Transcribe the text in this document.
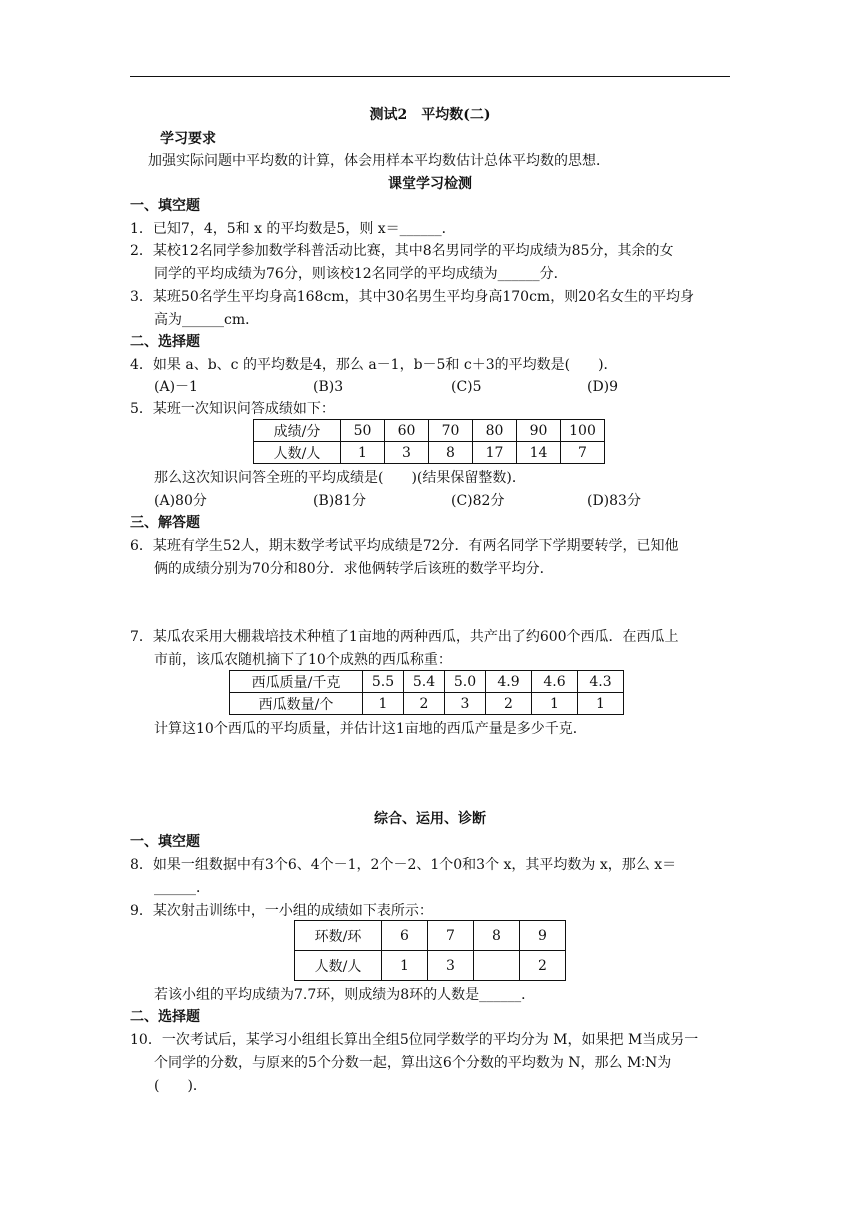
测试2　平均数(二)
学习要求
加强实际问题中平均数的计算，体会用样本平均数估计总体平均数的思想．
课堂学习检测
一、填空题
1．已知7，4，5和 x 的平均数是5，则 x＝______．
2．某校12名同学参加数学科普活动比赛，其中8名男同学的平均成绩为85分，其余的女
同学的平均成绩为76分，则该校12名同学的平均成绩为______分．
3．某班50名学生平均身高168cm，其中30名男生平均身高170cm，则20名女生的平均身
高为______cm．
二、选择题
4．如果 a、b、c 的平均数是4，那么 a－1，b－5和 c＋3的平均数是(　　)．
(A)－1	(B)3	(C)5	(D)9
5．某班一次知识问答成绩如下：
成绩/分	50	60	70	80	90	100
人数/人	1	3	8	17	14	7
那么这次知识问答全班的平均成绩是(　　)(结果保留整数)．
(A)80分	(B)81分	(C)82分	(D)83分
三、解答题
6．某班有学生52人，期末数学考试平均成绩是72分．有两名同学下学期要转学，已知他
俩的成绩分别为70分和80分．求他俩转学后该班的数学平均分．
7．某瓜农采用大棚栽培技术种植了1亩地的两种西瓜，共产出了约600个西瓜．在西瓜上
市前，该瓜农随机摘下了10个成熟的西瓜称重：
西瓜质量/千克	5.5	5.4	5.0	4.9	4.6	4.3
西瓜数量/个	1	2	3	2	1	1
计算这10个西瓜的平均质量，并估计这1亩地的西瓜产量是多少千克．
综合、运用、诊断
一、填空题
8．如果一组数据中有3个6、4个－1，2个－2、1个0和3个 x，其平均数为 x，那么 x＝
______．
9．某次射击训练中，一小组的成绩如下表所示：
环数/环	6	7	8	9
人数/人	1	3		2
若该小组的平均成绩为7.7环，则成绩为8环的人数是______．
二、选择题
10．一次考试后，某学习小组组长算出全组5位同学数学的平均分为 M，如果把 M当成另一
个同学的分数，与原来的5个分数一起，算出这6个分数的平均数为 N，那么 M∶N为
(　　)．
